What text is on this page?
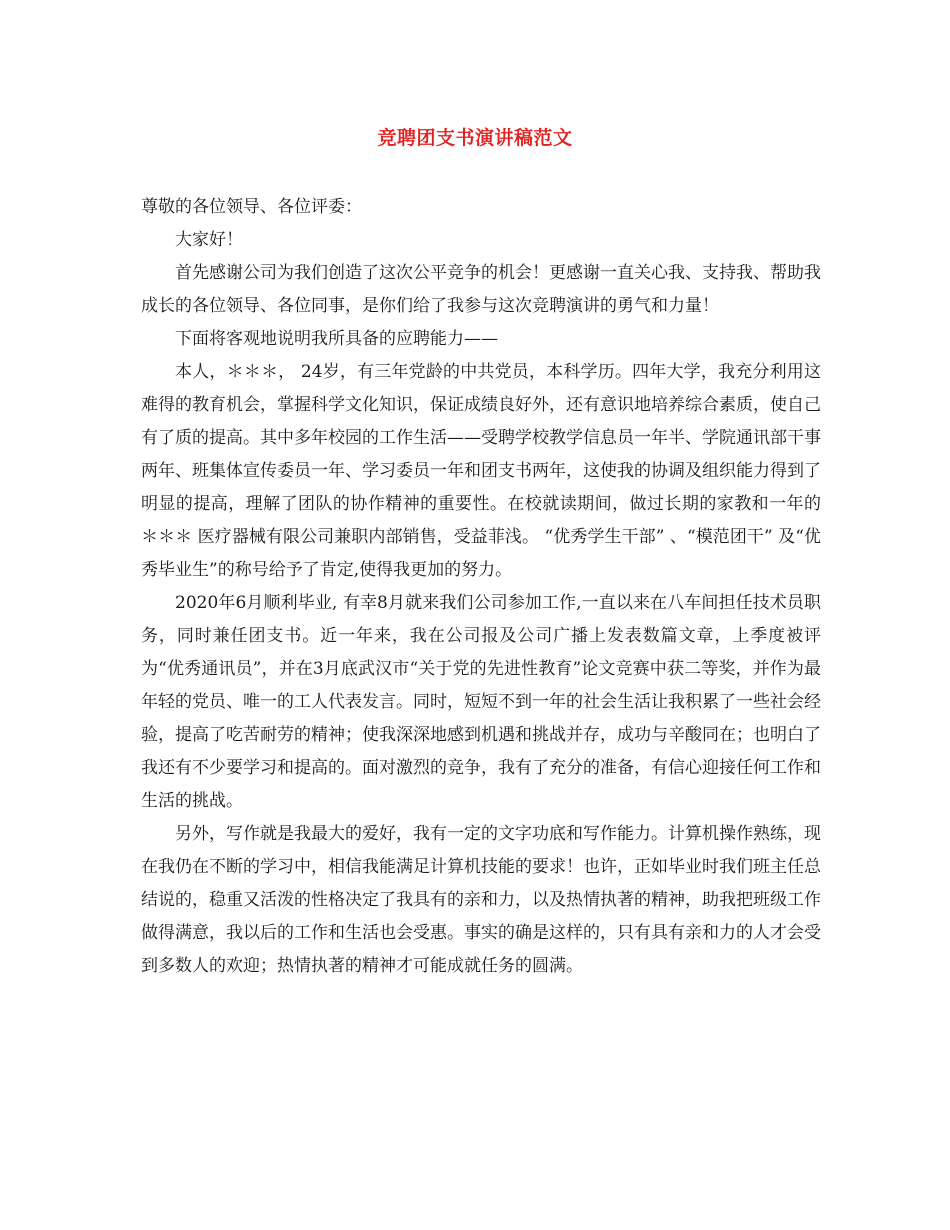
竞聘团支书演讲稿范文

尊敬的各位领导、各位评委：

大家好！

首先感谢公司为我们创造了这次公平竞争的机会！更感谢一直关心我、支持我、帮助我成长的各位领导、各位同事，是你们给了我参与这次竞聘演讲的勇气和力量！

下面将客观地说明我所具备的应聘能力——

本人，＊＊＊， 24岁，有三年党龄的中共党员，本科学历。四年大学，我充分利用这难得的教育机会，掌握科学文化知识，保证成绩良好外，还有意识地培养综合素质，使自己有了质的提高。其中多年校园的工作生活——受聘学校教学信息员一年半、学院通讯部干事两年、班集体宣传委员一年、学习委员一年和团支书两年，这使我的协调及组织能力得到了明显的提高，理解了团队的协作精神的重要性。在校就读期间，做过长期的家教和一年的 ＊＊＊ 医疗器械有限公司兼职内部销售，受益菲浅。 “优秀学生干部” 、“模范团干” 及“优秀毕业生”的称号给予了肯定,使得我更加的努力。

2020年6月顺利毕业, 有幸8月就来我们公司参加工作,一直以来在八车间担任技术员职务，同时兼任团支书。近一年来，我在公司报及公司广播上发表数篇文章，上季度被评为“优秀通讯员”，并在3月底武汉市“关于党的先进性教育”论文竞赛中获二等奖，并作为最年轻的党员、唯一的工人代表发言。同时，短短不到一年的社会生活让我积累了一些社会经验，提高了吃苦耐劳的精神；使我深深地感到机遇和挑战并存，成功与辛酸同在；也明白了我还有不少要学习和提高的。面对激烈的竞争，我有了充分的准备，有信心迎接任何工作和生活的挑战。

另外，写作就是我最大的爱好，我有一定的文字功底和写作能力。计算机操作熟练，现在我仍在不断的学习中，相信我能满足计算机技能的要求！也许，正如毕业时我们班主任总结说的，稳重又活泼的性格决定了我具有的亲和力，以及热情执著的精神，助我把班级工作做得满意，我以后的工作和生活也会受惠。事实的确是这样的，只有具有亲和力的人才会受到多数人的欢迎；热情执著的精神才可能成就任务的圆满。
